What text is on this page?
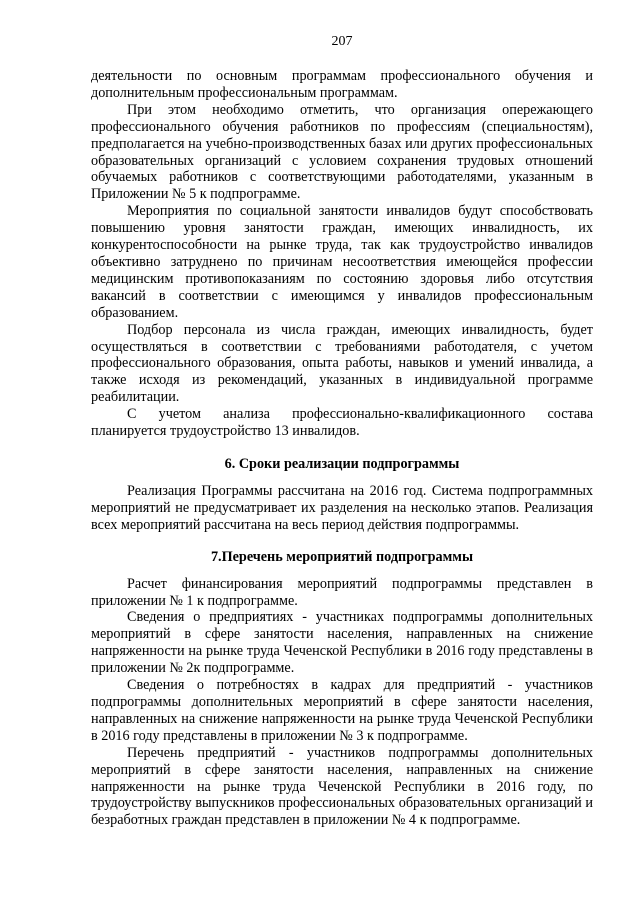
207

деятельности по основным программам профессионального обучения и дополнительным профессиональным программам.

При этом необходимо отметить, что организация опережающего профессионального обучения работников по профессиям (специальностям), предполагается на учебно-производственных базах или других профессиональных образовательных организаций с условием сохранения трудовых отношений обучаемых работников с соответствующими работодателями, указанным в Приложении № 5 к подпрограмме.

Мероприятия по социальной занятости инвалидов будут способствовать повышению уровня занятости граждан, имеющих инвалидность, их конкурентоспособности на рынке труда, так как трудоустройство инвалидов объективно затруднено по причинам несоответствия имеющейся профессии медицинским противопоказаниям по состоянию здоровья либо отсутствия вакансий в соответствии с имеющимся у инвалидов профессиональным образованием.

Подбор персонала из числа граждан, имеющих инвалидность, будет осуществляться в соответствии с требованиями работодателя, с учетом профессионального образования, опыта работы, навыков и умений инвалида, а также исходя из рекомендаций, указанных в индивидуальной программе реабилитации.

С учетом анализа профессионально-квалификационного состава планируется трудоустройство 13 инвалидов.

6. Сроки реализации подпрограммы

Реализация Программы рассчитана на 2016 год. Система подпрограммных мероприятий не предусматривает их разделения на несколько этапов. Реализация всех мероприятий рассчитана на весь период действия подпрограммы.

7.Перечень мероприятий подпрограммы

Расчет финансирования мероприятий подпрограммы представлен в приложении № 1 к подпрограмме.

Сведения о предприятиях - участниках подпрограммы дополнительных мероприятий в сфере занятости населения, направленных на снижение напряженности на рынке труда Чеченской Республики в 2016 году представлены в приложении № 2к подпрограмме.

Сведения о потребностях в кадрах для предприятий - участников подпрограммы дополнительных мероприятий в сфере занятости населения, направленных на снижение напряженности на рынке труда Чеченской Республики в 2016 году представлены в приложении № 3 к подпрограмме.

Перечень предприятий - участников подпрограммы дополнительных мероприятий в сфере занятости населения, направленных на снижение напряженности на рынке труда Чеченской Республики в 2016 году, по трудоустройству выпускников профессиональных образовательных организаций и безработных граждан представлен в приложении № 4 к подпрограмме.
